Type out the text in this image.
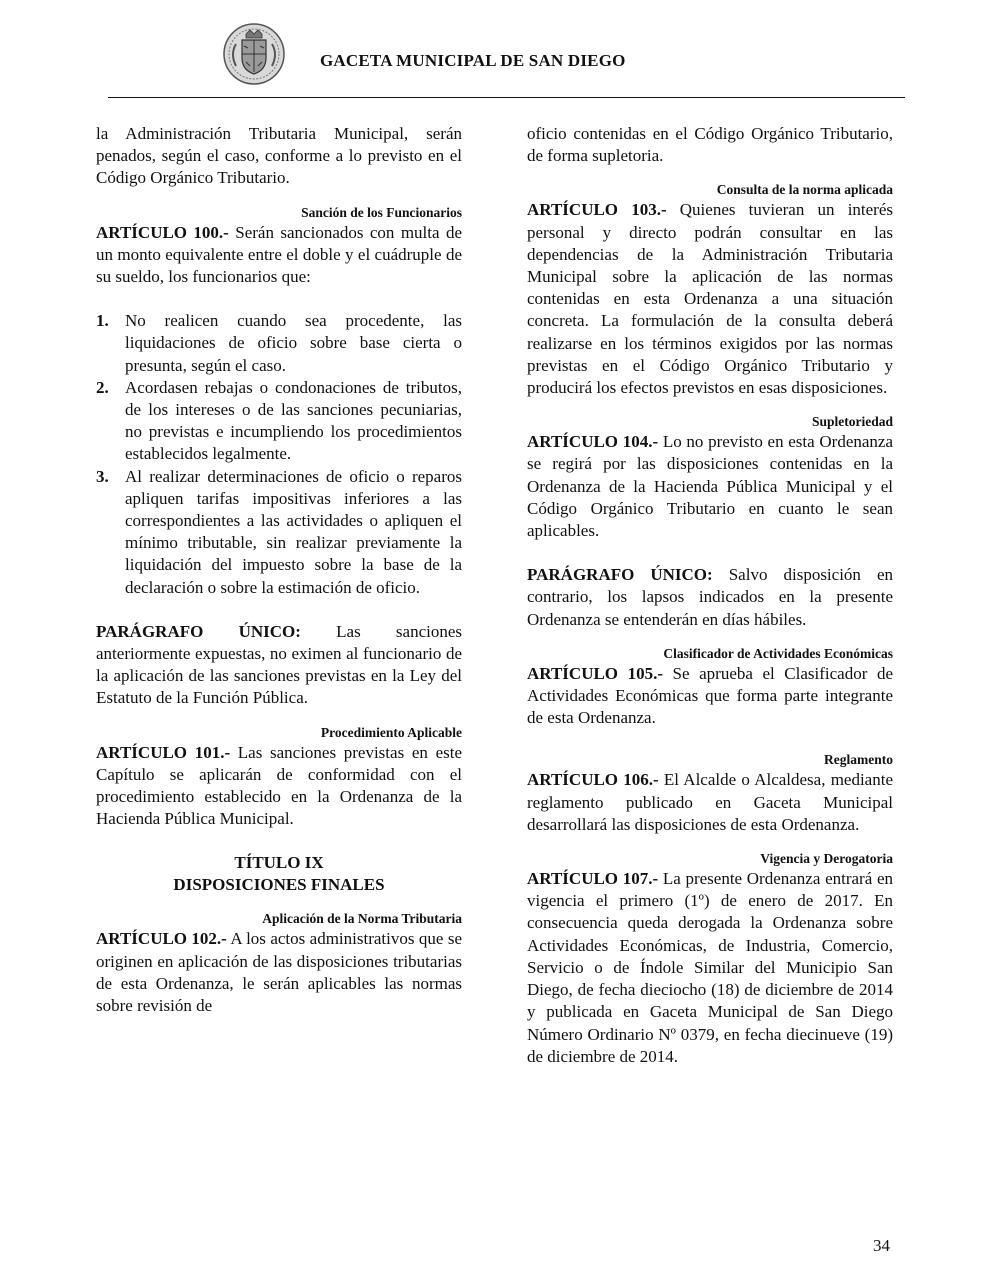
GACETA MUNICIPAL DE SAN DIEGO

la Administración Tributaria Municipal, serán penados, según el caso, conforme a lo previsto en el Código Orgánico Tributario.

Sanción de los Funcionarios

ARTÍCULO 100.- Serán sancionados con multa de un monto equivalente entre el doble y el cuádruple de su sueldo, los funcionarios que:

1. No realicen cuando sea procedente, las liquidaciones de oficio sobre base cierta o presunta, según el caso.
2. Acordasen rebajas o condonaciones de tributos, de los intereses o de las sanciones pecuniarias, no previstas e incumpliendo los procedimientos establecidos legalmente.
3. Al realizar determinaciones de oficio o reparos apliquen tarifas impositivas inferiores a las correspondientes a las actividades o apliquen el mínimo tributable, sin realizar previamente la liquidación del impuesto sobre la base de la declaración o sobre la estimación de oficio.

PARÁGRAFO ÚNICO: Las sanciones anteriormente expuestas, no eximen al funcionario de la aplicación de las sanciones previstas en la Ley del Estatuto de la Función Pública.

Procedimiento Aplicable

ARTÍCULO 101.- Las sanciones previstas en este Capítulo se aplicarán de conformidad con el procedimiento establecido en la Ordenanza de la Hacienda Pública Municipal.

TÍTULO IX
DISPOSICIONES FINALES
Aplicación de la Norma Tributaria

ARTÍCULO 102.- A los actos administrativos que se originen en aplicación de las disposiciones tributarias de esta Ordenanza, le serán aplicables las normas sobre revisión de

oficio contenidas en el Código Orgánico Tributario, de forma supletoria.

Consulta de la norma aplicada

ARTÍCULO 103.- Quienes tuvieran un interés personal y directo podrán consultar en las dependencias de la Administración Tributaria Municipal sobre la aplicación de las normas contenidas en esta Ordenanza a una situación concreta. La formulación de la consulta deberá realizarse en los términos exigidos por las normas previstas en el Código Orgánico Tributario y producirá los efectos previstos en esas disposiciones.

Supletoriedad

ARTÍCULO 104.- Lo no previsto en esta Ordenanza se regirá por las disposiciones contenidas en la Ordenanza de la Hacienda Pública Municipal y el Código Orgánico Tributario en cuanto le sean aplicables.

PARÁGRAFO ÚNICO: Salvo disposición en contrario, los lapsos indicados en la presente Ordenanza se entenderán en días hábiles.

Clasificador de Actividades Económicas

ARTÍCULO 105.- Se aprueba el Clasificador de Actividades Económicas que forma parte integrante de esta Ordenanza.

Reglamento

ARTÍCULO 106.- El Alcalde o Alcaldesa, mediante reglamento publicado en Gaceta Municipal desarrollará las disposiciones de esta Ordenanza.

Vigencia y Derogatoria

ARTÍCULO 107.- La presente Ordenanza entrará en vigencia el primero (1º) de enero de 2017. En consecuencia queda derogada la Ordenanza sobre Actividades Económicas, de Industria, Comercio, Servicio o de Índole Similar del Municipio San Diego, de fecha dieciocho (18) de diciembre de 2014 y publicada en Gaceta Municipal de San Diego Número Ordinario Nº 0379, en fecha diecinueve (19) de diciembre de 2014.

34
